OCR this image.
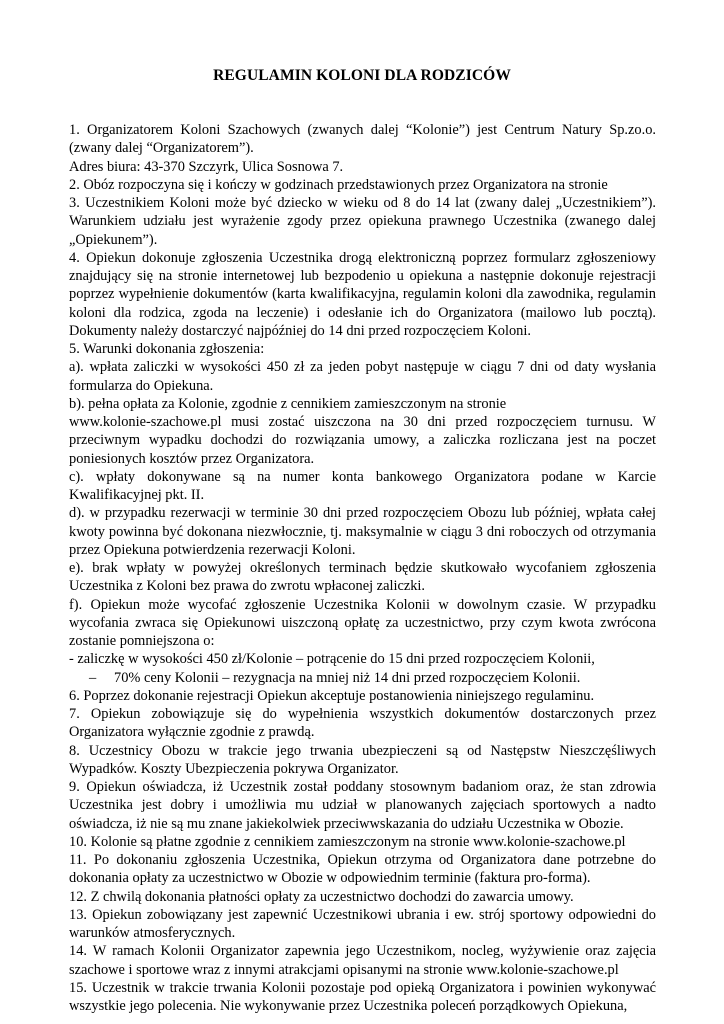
REGULAMIN KOLONI DLA RODZICÓW

1. Organizatorem Koloni Szachowych (zwanych dalej “Kolonie”) jest Centrum Natury Sp.zo.o. (zwany dalej “Organizatorem”).

Adres biura: 43-370 Szczyrk, Ulica Sosnowa 7.

2. Obóz rozpoczyna się i kończy w godzinach przedstawionych przez Organizatora na stronie

3. Uczestnikiem Koloni może być dziecko w wieku od 8 do 14 lat (zwany dalej „Uczestnikiem”). Warunkiem udziału jest wyrażenie zgody przez opiekuna prawnego Uczestnika (zwanego dalej „Opiekunem”).

4. Opiekun dokonuje zgłoszenia Uczestnika drogą elektroniczną poprzez formularz zgłoszeniowy znajdujący się na stronie internetowej lub bezpodenio u opiekuna a następnie dokonuje rejestracji poprzez wypełnienie dokumentów (karta kwalifikacyjna, regulamin koloni dla zawodnika, regulamin koloni dla rodzica, zgoda na leczenie) i odesłanie ich do Organizatora (mailowo lub pocztą). Dokumenty należy dostarczyć najpóźniej do 14 dni przed rozpoczęciem Koloni.

5. Warunki dokonania zgłoszenia:

a). wpłata zaliczki w wysokości 450 zł za jeden pobyt następuje w ciągu 7 dni od daty wysłania formularza do Opiekuna.

b). pełna opłata za Kolonie, zgodnie z cennikiem zamieszczonym na stronie

www.kolonie-szachowe.pl musi zostać uiszczona na 30 dni przed rozpoczęciem turnusu. W przeciwnym wypadku dochodzi do rozwiązania umowy, a zaliczka rozliczana jest na poczet poniesionych kosztów przez Organizatora.

c). wpłaty dokonywane są na numer konta bankowego Organizatora podane w Karcie Kwalifikacyjnej pkt. II.

d). w przypadku rezerwacji w terminie 30 dni przed rozpoczęciem Obozu lub później, wpłata całej kwoty powinna być dokonana niezwłocznie, tj. maksymalnie w ciągu 3 dni roboczych od otrzymania przez Opiekuna potwierdzenia rezerwacji Koloni.

e). brak wpłaty w powyżej określonych terminach będzie skutkowało wycofaniem zgłoszenia Uczestnika z Koloni bez prawa do zwrotu wpłaconej zaliczki.

f). Opiekun może wycofać zgłoszenie Uczestnika Kolonii w dowolnym czasie. W przypadku wycofania zwraca się Opiekunowi uiszczoną opłatę za uczestnictwo, przy czym kwota zwrócona zostanie pomniejszona o:

- zaliczkę w wysokości 450 zł/Kolonie – potrącenie do 15 dni przed rozpoczęciem Kolonii,

– 70% ceny Kolonii – rezygnacja na mniej niż 14 dni przed rozpoczęciem Kolonii.

6. Poprzez dokonanie rejestracji Opiekun akceptuje postanowienia niniejszego regulaminu.

7. Opiekun zobowiązuje się do wypełnienia wszystkich dokumentów dostarczonych przez Organizatora wyłącznie zgodnie z prawdą.

8. Uczestnicy Obozu w trakcie jego trwania ubezpieczeni są od Następstw Nieszczęśliwych Wypadków. Koszty Ubezpieczenia pokrywa Organizator.

9. Opiekun oświadcza, iż Uczestnik został poddany stosownym badaniom oraz, że stan zdrowia Uczestnika jest dobry i umożliwia mu udział w planowanych zajęciach sportowych a nadto oświadcza, iż nie są mu znane jakiekolwiek przeciwwskazania do udziału Uczestnika w Obozie.

10. Kolonie są płatne zgodnie z cennikiem zamieszczonym na stronie www.kolonie-szachowe.pl

11. Po dokonaniu zgłoszenia Uczestnika, Opiekun otrzyma od Organizatora dane potrzebne do dokonania opłaty za uczestnictwo w Obozie w odpowiednim terminie (faktura pro-forma).

12. Z chwilą dokonania płatności opłaty za uczestnictwo dochodzi do zawarcia umowy.

13. Opiekun zobowiązany jest zapewnić Uczestnikowi ubrania i ew. strój sportowy odpowiedni do warunków atmosferycznych.

14. W ramach Kolonii Organizator zapewnia jego Uczestnikom, nocleg, wyżywienie oraz zajęcia szachowe i sportowe wraz z innymi atrakcjami opisanymi na stronie www.kolonie-szachowe.pl

15. Uczestnik w trakcie trwania Kolonii pozostaje pod opieką Organizatora i powinien wykonywać wszystkie jego polecenia. Nie wykonywanie przez Uczestnika poleceń porządkowych Opiekuna,
